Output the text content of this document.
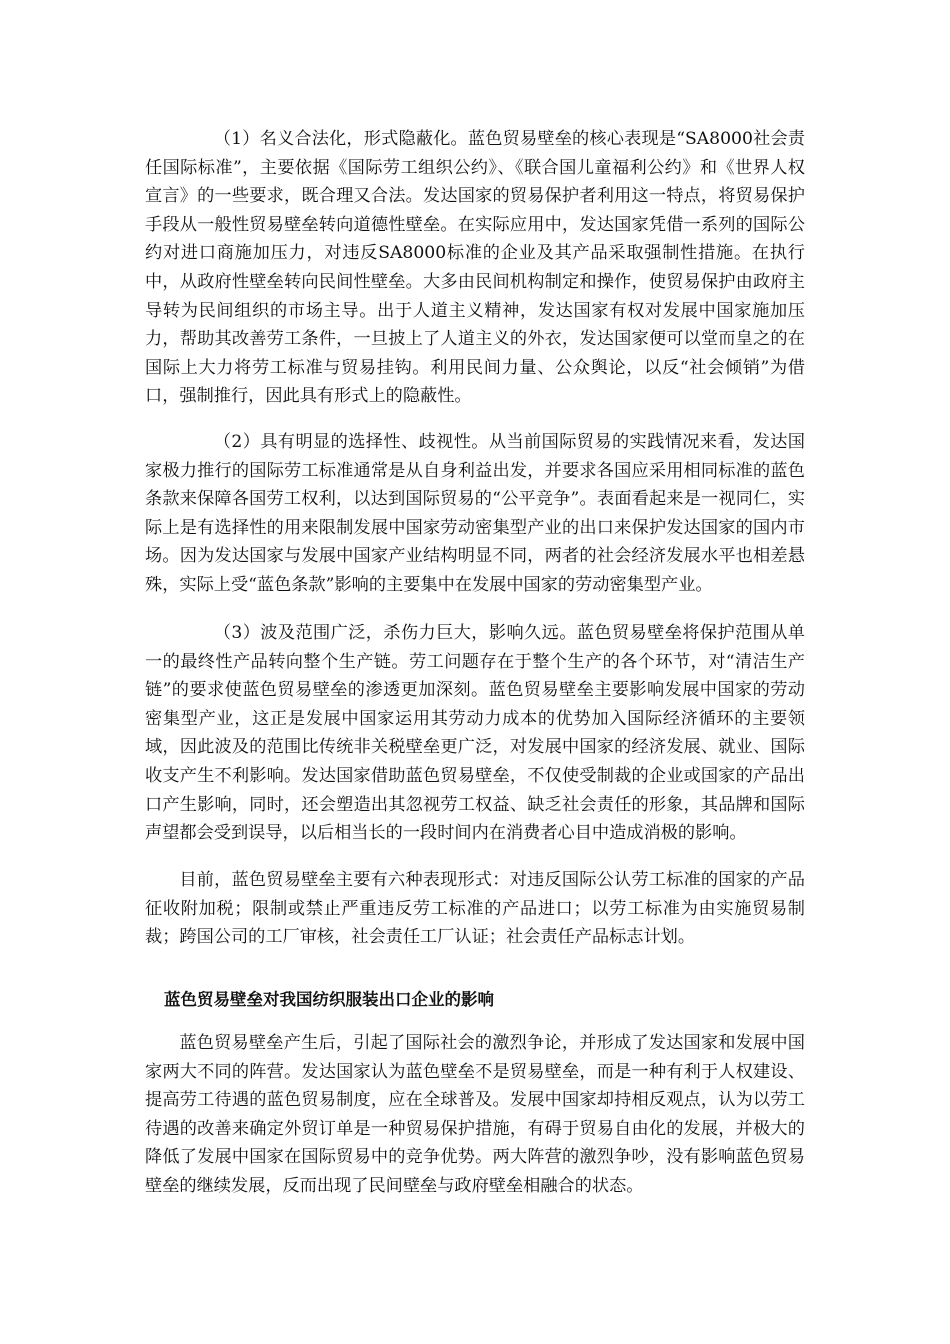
（1）名义合法化，形式隐蔽化。蓝色贸易壁垒的核心表现是“SA8000社会责任国际标准”，主要依据《国际劳工组织公约》、《联合国儿童福利公约》和《世界人权宣言》的一些要求，既合理又合法。发达国家的贸易保护者利用这一特点，将贸易保护手段从一般性贸易壁垒转向道德性壁垒。在实际应用中，发达国家凭借一系列的国际公约对进口商施加压力，对违反SA8000标准的企业及其产品采取强制性措施。在执行中，从政府性壁垒转向民间性壁垒。大多由民间机构制定和操作，使贸易保护由政府主导转为民间组织的市场主导。出于人道主义精神，发达国家有权对发展中国家施加压力，帮助其改善劳工条件，一旦披上了人道主义的外衣，发达国家便可以堂而皇之的在国际上大力将劳工标准与贸易挂钩。利用民间力量、公众舆论，以反“社会倾销”为借口，强制推行，因此具有形式上的隐蔽性。

（2）具有明显的选择性、歧视性。从当前国际贸易的实践情况来看，发达国家极力推行的国际劳工标准通常是从自身利益出发，并要求各国应采用相同标准的蓝色条款来保障各国劳工权利，以达到国际贸易的“公平竞争”。表面看起来是一视同仁，实际上是有选择性的用来限制发展中国家劳动密集型产业的出口来保护发达国家的国内市场。因为发达国家与发展中国家产业结构明显不同，两者的社会经济发展水平也相差悬殊，实际上受“蓝色条款”影响的主要集中在发展中国家的劳动密集型产业。

（3）波及范围广泛，杀伤力巨大，影响久远。蓝色贸易壁垒将保护范围从单一的最终性产品转向整个生产链。劳工问题存在于整个生产的各个环节，对“清洁生产链”的要求使蓝色贸易壁垒的渗透更加深刻。蓝色贸易壁垒主要影响发展中国家的劳动密集型产业，这正是发展中国家运用其劳动力成本的优势加入国际经济循环的主要领域，因此波及的范围比传统非关税壁垒更广泛，对发展中国家的经济发展、就业、国际收支产生不利影响。发达国家借助蓝色贸易壁垒，不仅使受制裁的企业或国家的产品出口产生影响，同时，还会塑造出其忽视劳工权益、缺乏社会责任的形象，其品牌和国际声望都会受到误导，以后相当长的一段时间内在消费者心目中造成消极的影响。

目前，蓝色贸易壁垒主要有六种表现形式：对违反国际公认劳工标准的国家的产品征收附加税；限制或禁止严重违反劳工标准的产品进口；以劳工标准为由实施贸易制裁；跨国公司的工厂审核，社会责任工厂认证；社会责任产品标志计划。

蓝色贸易壁垒对我国纺织服装出口企业的影响

蓝色贸易壁垒产生后，引起了国际社会的激烈争论，并形成了发达国家和发展中国家两大不同的阵营。发达国家认为蓝色壁垒不是贸易壁垒，而是一种有利于人权建设、提高劳工待遇的蓝色贸易制度，应在全球普及。发展中国家却持相反观点，认为以劳工待遇的改善来确定外贸订单是一种贸易保护措施，有碍于贸易自由化的发展，并极大的降低了发展中国家在国际贸易中的竞争优势。两大阵营的激烈争吵，没有影响蓝色贸易壁垒的继续发展，反而出现了民间壁垒与政府壁垒相融合的状态。
